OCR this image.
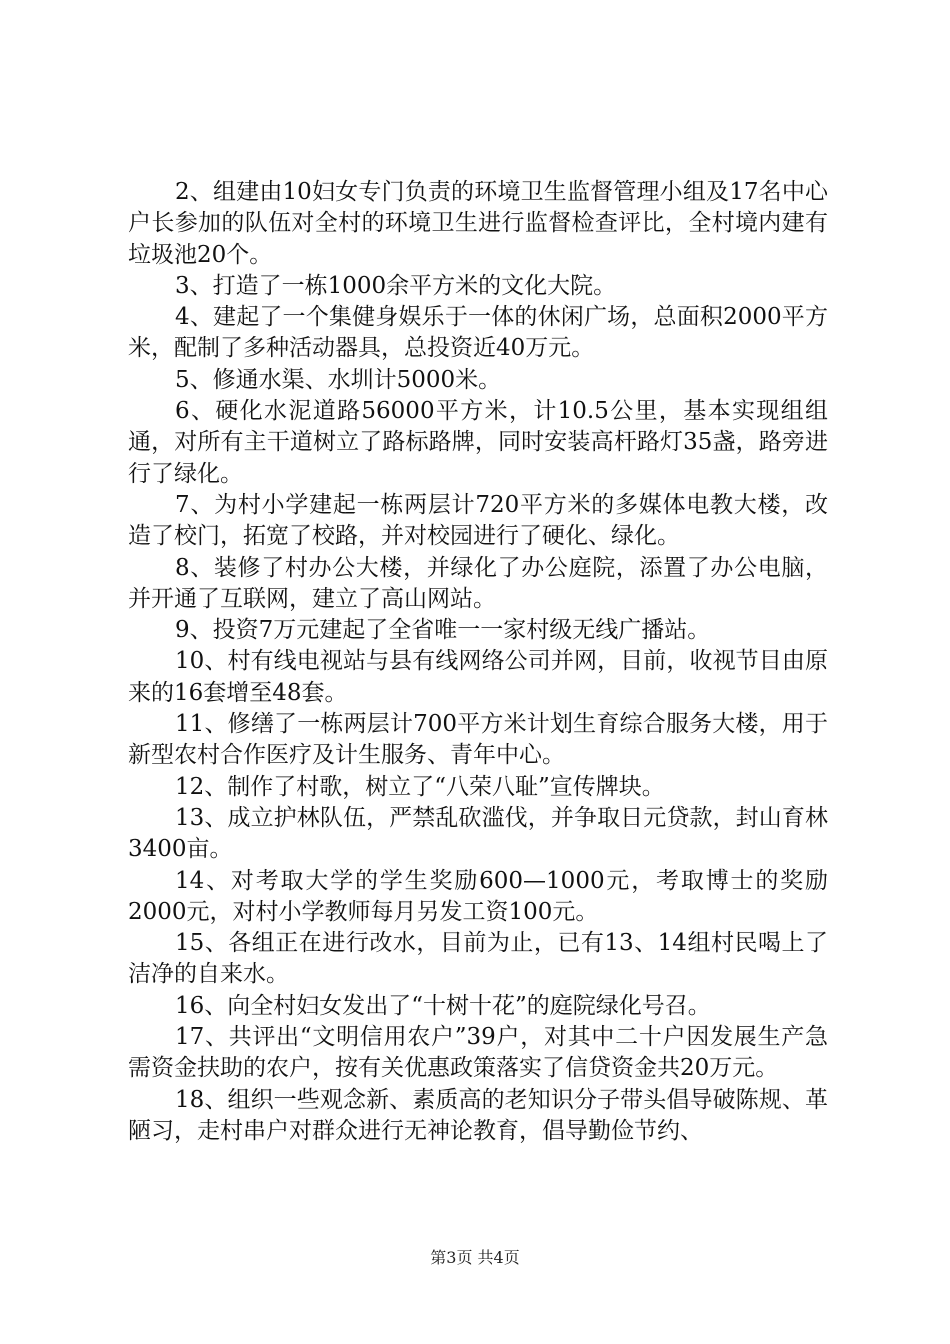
2、组建由10妇女专门负责的环境卫生监督管理小组及17名中心户长参加的队伍对全村的环境卫生进行监督检查评比，全村境内建有垃圾池20个。

3、打造了一栋1000余平方米的文化大院。

4、建起了一个集健身娱乐于一体的休闲广场，总面积2000平方米，配制了多种活动器具，总投资近40万元。

5、修通水渠、水圳计5000米。

6、硬化水泥道路56000平方米，计10.5公里，基本实现组组通，对所有主干道树立了路标路牌，同时安装高杆路灯35盏，路旁进行了绿化。

7、为村小学建起一栋两层计720平方米的多媒体电教大楼，改造了校门，拓宽了校路，并对校园进行了硬化、绿化。

8、装修了村办公大楼，并绿化了办公庭院，添置了办公电脑，并开通了互联网，建立了高山网站。

9、投资7万元建起了全省唯一一家村级无线广播站。

10、村有线电视站与县有线网络公司并网，目前，收视节目由原来的16套增至48套。

11、修缮了一栋两层计700平方米计划生育综合服务大楼，用于新型农村合作医疗及计生服务、青年中心。

12、制作了村歌，树立了“八荣八耻”宣传牌块。

13、成立护林队伍，严禁乱砍滥伐，并争取日元贷款，封山育林3400亩。

14、对考取大学的学生奖励600—1000元，考取博士的奖励2000元，对村小学教师每月另发工资100元。

15、各组正在进行改水，目前为止，已有13、14组村民喝上了洁净的自来水。

16、向全村妇女发出了“十树十花”的庭院绿化号召。

17、共评出“文明信用农户”39户，对其中二十户因发展生产急需资金扶助的农户，按有关优惠政策落实了信贷资金共20万元。

18、组织一些观念新、素质高的老知识分子带头倡导破陈规、革陋习，走村串户对群众进行无神论教育，倡导勤俭节约、

第3页 共4页
